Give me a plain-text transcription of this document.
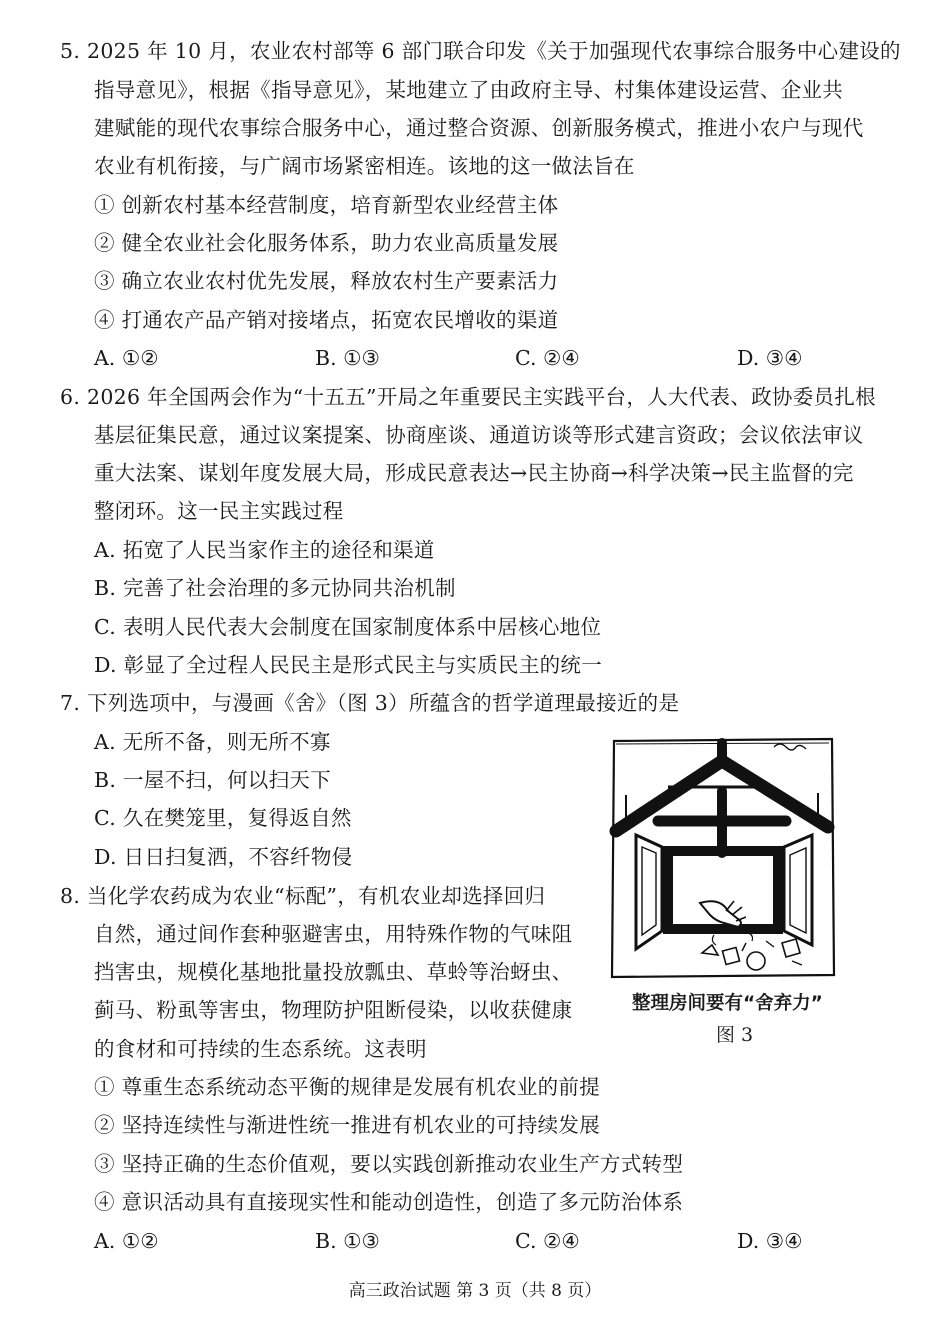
5. 2025 年 10 月，农业农村部等 6 部门联合印发《关于加强现代农事综合服务中心建设的
指导意见》，根据《指导意见》，某地建立了由政府主导、村集体建设运营、企业共
建赋能的现代农事综合服务中心，通过整合资源、创新服务模式，推进小农户与现代
农业有机衔接，与广阔市场紧密相连。该地的这一做法旨在
① 创新农村基本经营制度，培育新型农业经营主体
② 健全农业社会化服务体系，助力农业高质量发展
③ 确立农业农村优先发展，释放农村生产要素活力
④ 打通农产品产销对接堵点，拓宽农民增收的渠道
A. ①②	B. ①③	C. ②④	D. ③④
6. 2026 年全国两会作为“十五五”开局之年重要民主实践平台，人大代表、政协委员扎根
基层征集民意，通过议案提案、协商座谈、通道访谈等形式建言资政；会议依法审议
重大法案、谋划年度发展大局，形成民意表达→民主协商→科学决策→民主监督的完
整闭环。这一民主实践过程
A. 拓宽了人民当家作主的途径和渠道
B. 完善了社会治理的多元协同共治机制
C. 表明人民代表大会制度在国家制度体系中居核心地位
D. 彰显了全过程人民民主是形式民主与实质民主的统一
7. 下列选项中，与漫画《舍》（图 3）所蕴含的哲学道理最接近的是
A. 无所不备，则无所不寡
B. 一屋不扫，何以扫天下
C. 久在樊笼里，复得返自然
D. 日日扫复洒，不容纤物侵
整理房间要有“舍弃力”
图 3
8. 当化学农药成为农业“标配”，有机农业却选择回归
自然，通过间作套种驱避害虫，用特殊作物的气味阻
挡害虫，规模化基地批量投放瓢虫、草蛉等治蚜虫、
蓟马、粉虱等害虫，物理防护阻断侵染，以收获健康
的食材和可持续的生态系统。这表明
① 尊重生态系统动态平衡的规律是发展有机农业的前提
② 坚持连续性与渐进性统一推进有机农业的可持续发展
③ 坚持正确的生态价值观，要以实践创新推动农业生产方式转型
④ 意识活动具有直接现实性和能动创造性，创造了多元防治体系
A. ①②	B. ①③	C. ②④	D. ③④
高三政治试题 第 3 页（共 8 页）
